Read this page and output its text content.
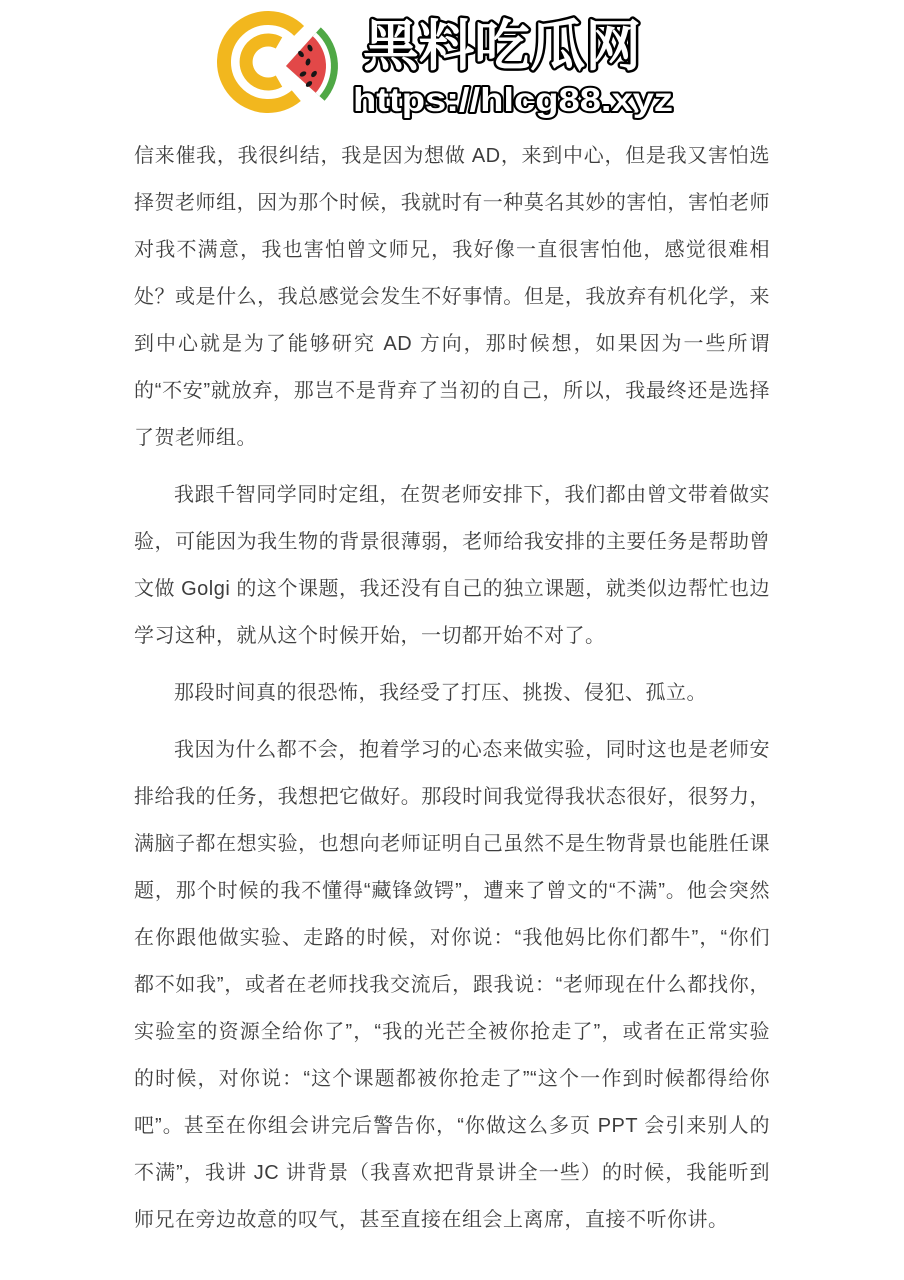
黑料吃瓜网
https://hlcg88.xyz

信来催我，我很纠结，我是因为想做 AD，来到中心，但是我又害怕选择贺老师组，因为那个时候，我就时有一种莫名其妙的害怕，害怕老师对我不满意，我也害怕曾文师兄，我好像一直很害怕他，感觉很难相处？或是什么，我总感觉会发生不好事情。但是，我放弃有机化学，来到中心就是为了能够研究 AD 方向，那时候想，如果因为一些所谓的“不安”就放弃，那岂不是背弃了当初的自己，所以，我最终还是选择了贺老师组。

我跟千智同学同时定组，在贺老师安排下，我们都由曾文带着做实验，可能因为我生物的背景很薄弱，老师给我安排的主要任务是帮助曾文做 Golgi 的这个课题，我还没有自己的独立课题，就类似边帮忙也边学习这种，就从这个时候开始，一切都开始不对了。

那段时间真的很恐怖，我经受了打压、挑拨、侵犯、孤立。

我因为什么都不会，抱着学习的心态来做实验，同时这也是老师安排给我的任务，我想把它做好。那段时间我觉得我状态很好，很努力，满脑子都在想实验，也想向老师证明自己虽然不是生物背景也能胜任课题，那个时候的我不懂得“藏锋敛锷”，遭来了曾文的“不满”。他会突然在你跟他做实验、走路的时候，对你说：“我他妈比你们都牛”，“你们都不如我”，或者在老师找我交流后，跟我说：“老师现在什么都找你，实验室的资源全给你了”，“我的光芒全被你抢走了”，或者在正常实验的时候，对你说：“这个课题都被你抢走了”“这个一作到时候都得给你吧”。甚至在你组会讲完后警告你，“你做这么多页 PPT 会引来别人的不满”，我讲 JC 讲背景（我喜欢把背景讲全一些）的时候，我能听到师兄在旁边故意的叹气，甚至直接在组会上离席，直接不听你讲。
